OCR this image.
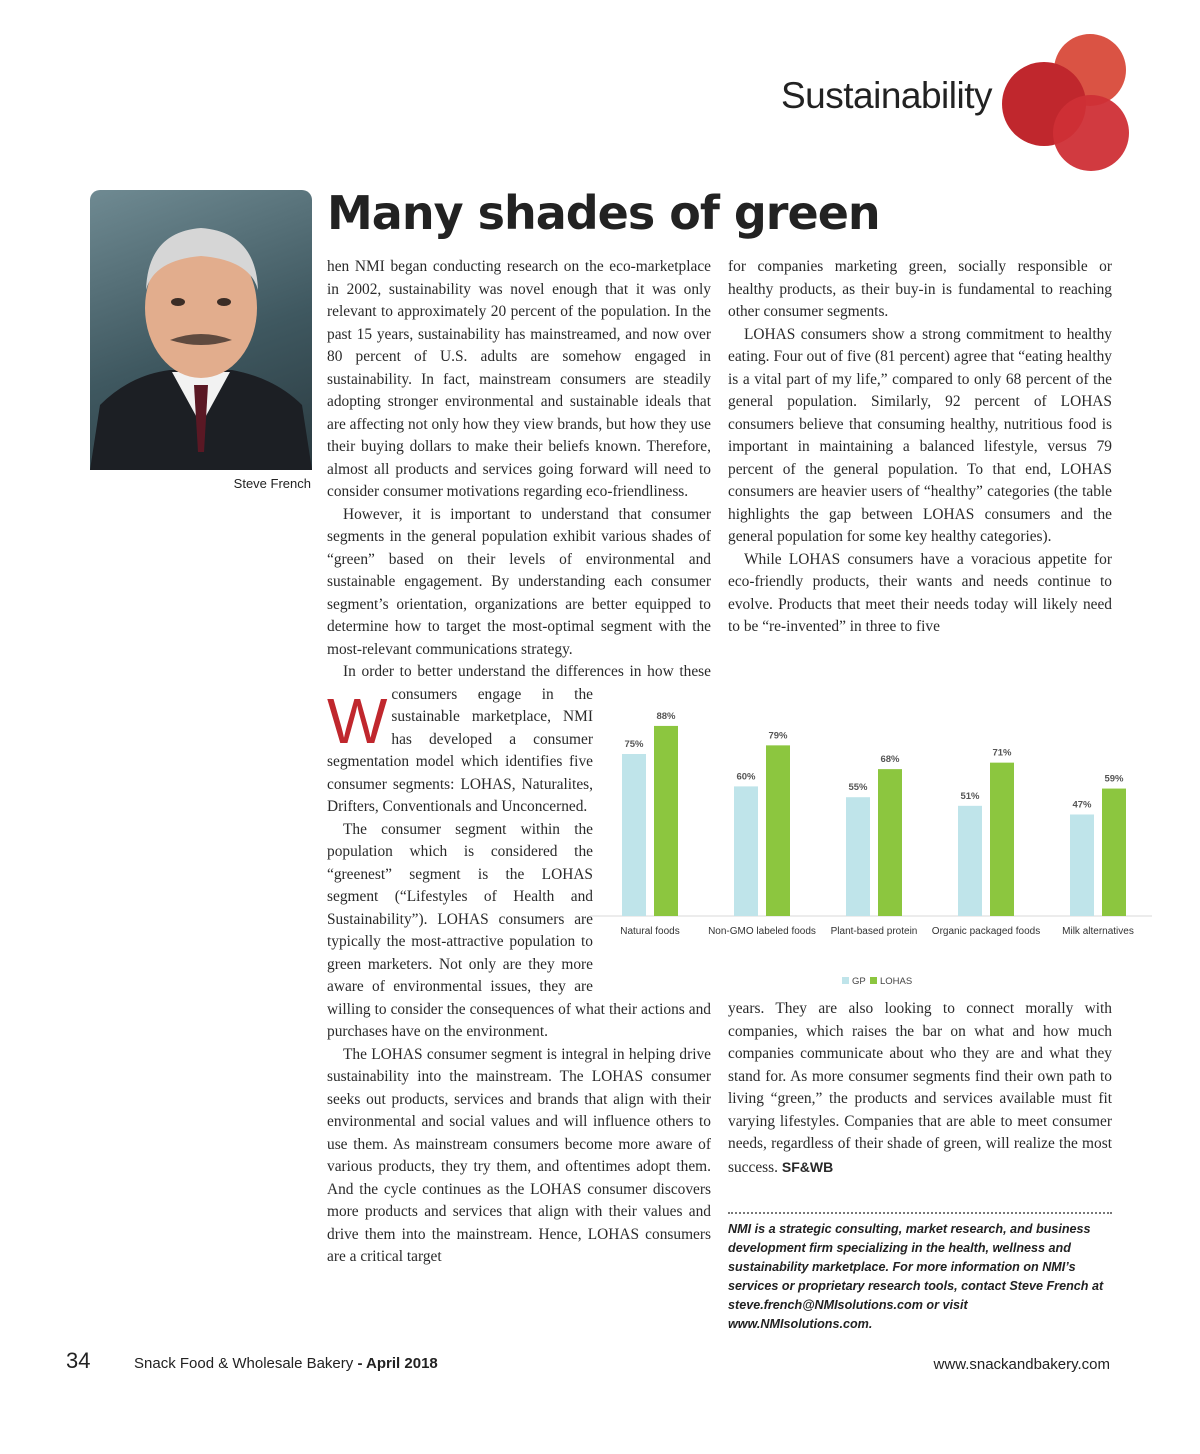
Sustainability
Steve French
Many shades of green

W
hen NMI began conducting research on the eco-marketplace in 2002, sustainability was novel enough that it was only relevant to approximately 20 percent of the population. In the past 15 years, sustainability has mainstreamed, and now over 80 percent of U.S. adults are somehow engaged in sustainability. In fact, mainstream consumers are steadily adopting stronger environmental and sustainable ideals that are affecting not only how they view brands, but how they use their buying dollars to make their beliefs known. Therefore, almost all products and services going forward will need to consider consumer motivations regarding eco-friendliness.

However, it is important to understand that consumer segments in the general population exhibit various shades of “green” based on their levels of environmental and sustainable engagement. By understanding each consumer segment’s orientation, organizations are better equipped to determine how to target the most-optimal segment with the most-relevant communications strategy.

In order to better understand the differences in how these consumers engage in the sustainable marketplace, NMI has developed a consumer segmentation model which identifies five consumer segments: LOHAS, Naturalites, Drifters, Conventionals and Unconcerned.

The consumer segment within the population which is considered the “greenest” segment is the LOHAS segment (“Lifestyles of Health and Sustainability”). LOHAS consumers are typically the most-attractive population to green marketers. Not only are they more aware of environmental issues, they are willing to consider the consequences of what their actions and purchases have on the environment.

The LOHAS consumer segment is integral in helping drive sustainability into the mainstream. The LOHAS consumer seeks out products, services and brands that align with their environmental and social values and will influence others to use them. As mainstream consumers become more aware of various products, they try them, and oftentimes adopt them. And the cycle continues as the LOHAS consumer discovers more products and services that align with their values and drive them into the mainstream. Hence, LOHAS consumers are a critical target

for companies marketing green, socially responsible or healthy products, as their buy-in is fundamental to reaching other consumer segments.

LOHAS consumers show a strong commitment to healthy eating. Four out of five (81 percent) agree that “eating healthy is a vital part of my life,” compared to only 68 percent of the general population. Similarly, 92 percent of LOHAS consumers believe that consuming healthy, nutritious food is important in maintaining a balanced lifestyle, versus 79 percent of the general population. To that end, LOHAS consumers are heavier users of “healthy” categories (the table highlights the gap between LOHAS consumers and the general population for some key healthy categories).

While LOHAS consumers have a voracious appetite for eco-friendly products, their wants and needs continue to evolve. Products that meet their needs today will likely need to be “re-invented” in three to five

75%
88%
Natural foods
60%
79%
Non-GMO labeled foods
55%
68%
Plant-based protein
51%
71%
Organic packaged foods
47%
59%
Milk alternatives
GP LOHAS

years. They are also looking to connect morally with companies, which raises the bar on what and how much companies communicate about who they are and what they stand for. As more consumer segments find their own path to living “green,” the products and services available must fit varying lifestyles. Companies that are able to meet consumer needs, regardless of their shade of green, will realize the most success. SF&WB

NMI is a strategic consulting, market research, and business development firm specializing in the health, wellness and sustainability marketplace. For more information on NMI’s services or proprietary research tools, contact Steve French at steve.french@NMIsolutions.com or visit www.NMIsolutions.com.
34	Snack Food & Wholesale Bakery - April 2018	www.snackandbakery.com
